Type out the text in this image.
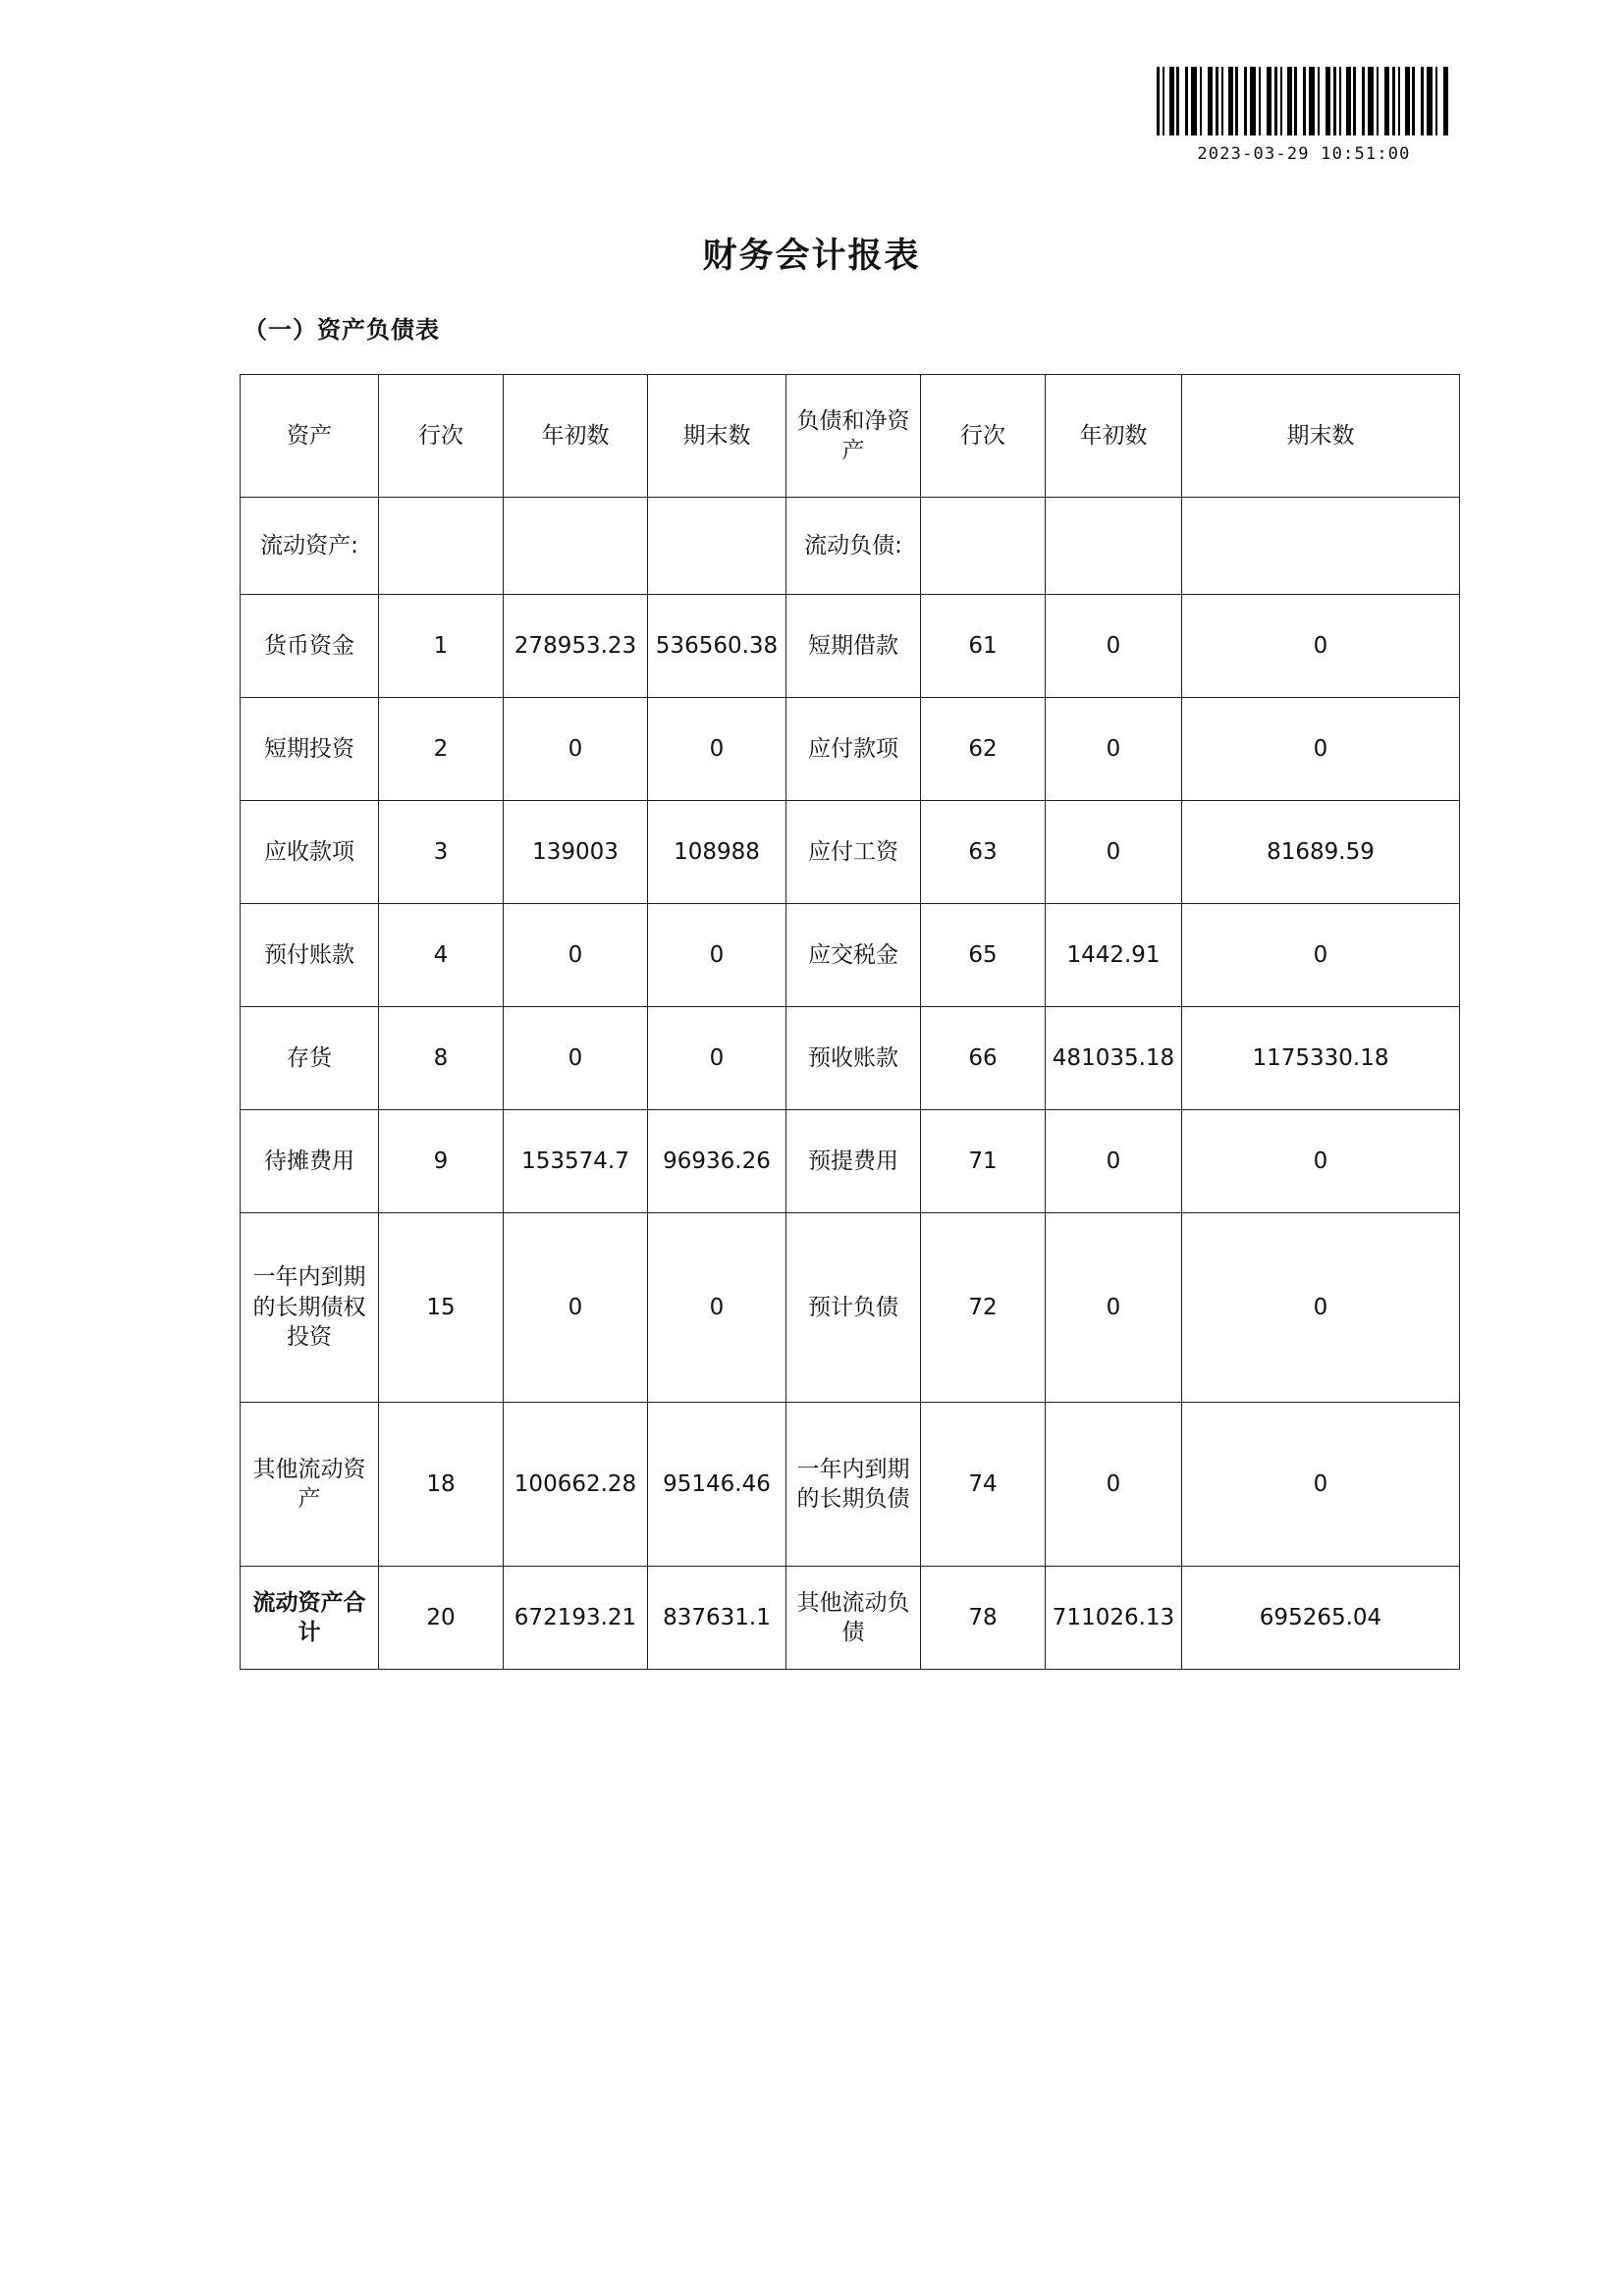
2023-03-29 10:51:00
财务会计报表
（一）资产负债表
资产	行次	年初数	期末数	负债和净资产	行次	年初数	期末数
流动资产:				流动负债:			
货币资金	1	278953.23	536560.38	短期借款	61	0	0
短期投资	2	0	0	应付款项	62	0	0
应收款项	3	139003	108988	应付工资	63	0	81689.59
预付账款	4	0	0	应交税金	65	1442.91	0
存货	8	0	0	预收账款	66	481035.18	1175330.18
待摊费用	9	153574.7	96936.26	预提费用	71	0	0
一年内到期的长期债权投资	15	0	0	预计负债	72	0	0
其他流动资产	18	100662.28	95146.46	一年内到期的长期负债	74	0	0
流动资产合计	20	672193.21	837631.1	其他流动负债	78	711026.13	695265.04
